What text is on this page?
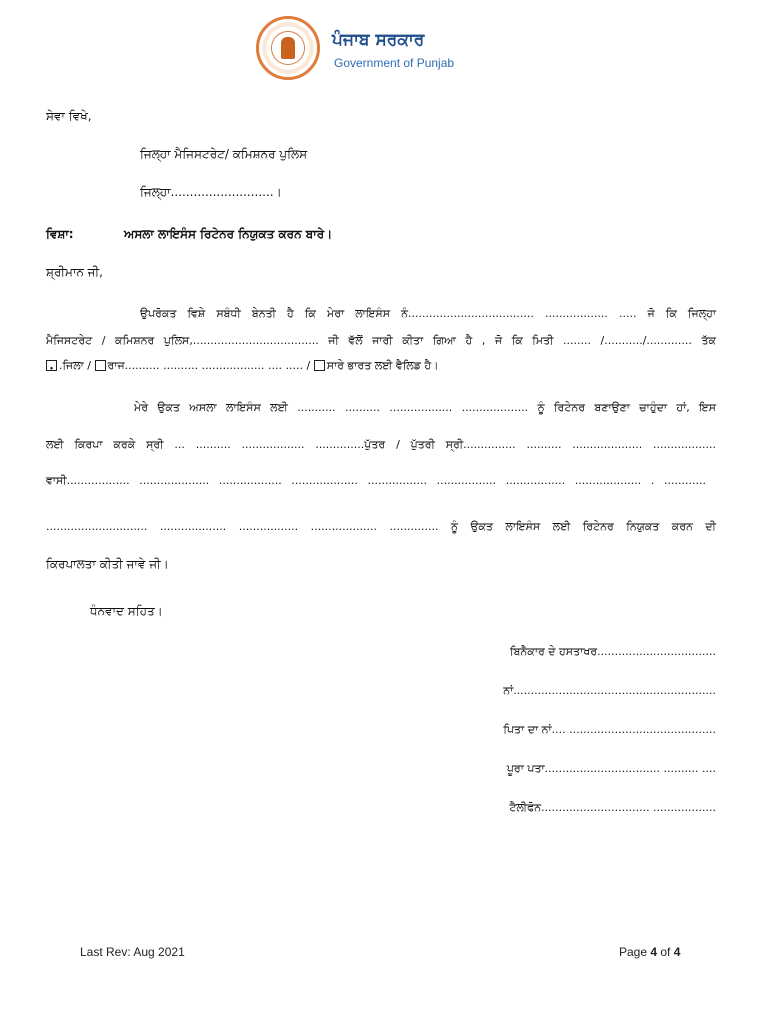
ਪੰਜਾਬ ਸਰਕਾਰ
Government of Punjab
ਸੇਵਾ ਵਿਖੇ,
ਜਿਲ੍ਹਾ ਮੈਜਿਸਟਰੇਟ/ ਕਮਿਸ਼ਨਰ ਪੁਲਿਸ
ਜਿਲ੍ਹਾ...........................।
ਵਿਸ਼ਾ:	ਅਸਲਾ ਲਾਇਸੰਸ ਰਿਟੇਨਰ ਨਿਯੁਕਤ ਕਰਨ ਬਾਰੇ।
ਸ਼੍ਰੀਮਾਨ ਜੀ,
ਉਪਰੋਕਤ ਵਿਸ਼ੇ ਸਬੰਧੀ ਬੇਨਤੀ ਹੈ ਕਿ ਮੇਰਾ ਲਾਇਸੰਸ ਨੰ.................................... .................. ..... ਜੋ ਕਿ ਜਿਲ੍ਹਾ
ਮੈਜਿਸਟਰੇਟ / ਕਮਿਸ਼ਨਰ ਪੁਲਿਸ,.................................... ਜੀ ਵੱਲੋਂ ਜਾਰੀ ਕੀਤਾ ਗਿਆ ਹੈ , ਜੋ ਕਿ ਮਿਤੀ ........ /.........../............. ਤੱਕ
.ਜਿਲਾ / ਰਾਜ.......... .......... .................. .... ..... / ਸਾਰੇ ਭਾਰਤ ਲਈ ਵੈਲਿਡ ਹੈ।
ਮੇਰੇ ਉਕਤ ਅਸਲਾ ਲਾਇਸੰਸ ਲਈ ........... .......... .................. ................... ਨੂੰ ਰਿਟੇਨਰ ਬਣਾਉਣਾ ਚਾਹੁੰਦਾ ਹਾਂ, ਇਸ
ਲਈ ਕਿਰਪਾ ਕਰਕੇ ਸ੍ਰੀ ... .......... .................. ..............ਪੁੱਤਰ / ਪੁੱਤਰੀ ਸ੍ਰੀ............... .......... .................... ..................
ਵਾਸੀ.................. .................... .................. ................... ................. ................. ................. ................... . ............
............................. ................... ................. ................... .............. ਨੂੰ ਉਕਤ ਲਾਇਸੰਸ ਲਈ ਰਿਟੇਨਰ ਨਿਯੁਕਤ ਕਰਨ ਦੀ
ਕਿਰਪਾਲਤਾ ਕੀਤੀ ਜਾਵੇ ਜੀ।
ਧੰਨਵਾਦ ਸਹਿਤ।
ਬਿਨੈਕਾਰ ਦੇ ਹਸਤਾਖਰ..................................
ਨਾਂ..........................................................
ਪਿਤਾ ਦਾ ਨਾਂ.... ..........................................
ਪੂਰਾ ਪਤਾ................................. .......... ....
ਟੈਲੀਫੋਨ............................... ..................
Last Rev: Aug 2021	Page 4 of 4
